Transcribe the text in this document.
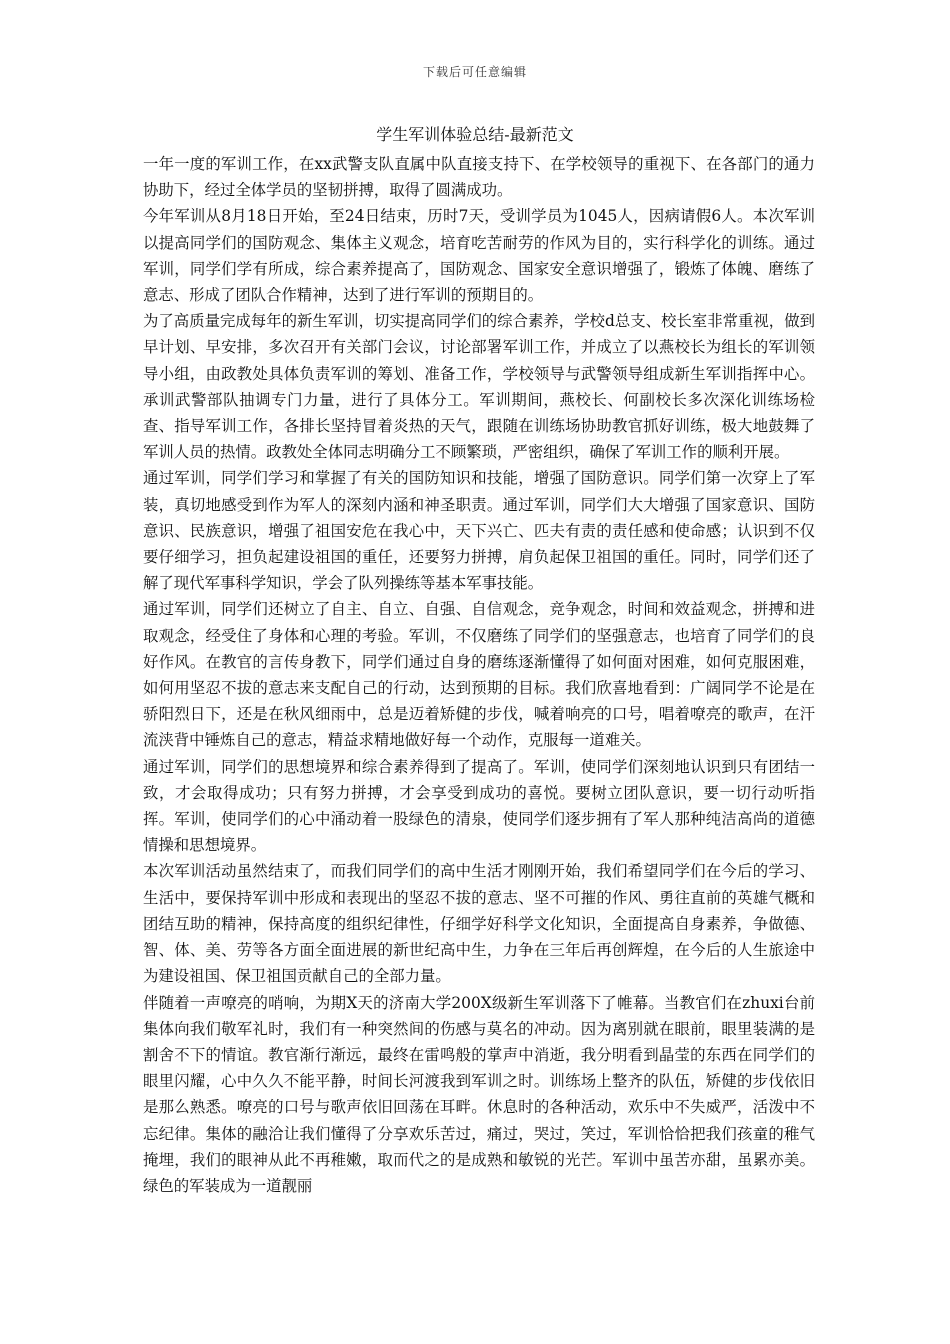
下载后可任意编辑
学生军训体验总结-最新范文

一年一度的军训工作，在xx武警支队直属中队直接支持下、在学校领导的重视下、在各部门的通力协助下，经过全体学员的坚韧拼搏，取得了圆满成功。

今年军训从8月18日开始，至24日结束，历时7天，受训学员为1045人，因病请假6人。本次军训以提高同学们的国防观念、集体主义观念，培育吃苦耐劳的作风为目的，实行科学化的训练。通过军训，同学们学有所成，综合素养提高了，国防观念、国家安全意识增强了，锻炼了体魄、磨练了意志、形成了团队合作精神，达到了进行军训的预期目的。

为了高质量完成每年的新生军训，切实提高同学们的综合素养，学校d总支、校长室非常重视，做到早计划、早安排，多次召开有关部门会议，讨论部署军训工作，并成立了以燕校长为组长的军训领导小组，由政教处具体负责军训的筹划、准备工作，学校领导与武警领导组成新生军训指挥中心。承训武警部队抽调专门力量，进行了具体分工。军训期间，燕校长、何副校长多次深化训练场检查、指导军训工作，各排长坚持冒着炎热的天气，跟随在训练场协助教官抓好训练，极大地鼓舞了军训人员的热情。政教处全体同志明确分工不顾繁琐，严密组织，确保了军训工作的顺利开展。

通过军训，同学们学习和掌握了有关的国防知识和技能，增强了国防意识。同学们第一次穿上了军装，真切地感受到作为军人的深刻内涵和神圣职责。通过军训，同学们大大增强了国家意识、国防意识、民族意识，增强了祖国安危在我心中，天下兴亡、匹夫有责的责任感和使命感；认识到不仅要仔细学习，担负起建设祖国的重任，还要努力拼搏，肩负起保卫祖国的重任。同时，同学们还了解了现代军事科学知识，学会了队列操练等基本军事技能。

通过军训，同学们还树立了自主、自立、自强、自信观念，竞争观念，时间和效益观念，拼搏和进取观念，经受住了身体和心理的考验。军训，不仅磨练了同学们的坚强意志，也培育了同学们的良好作风。在教官的言传身教下，同学们通过自身的磨练逐渐懂得了如何面对困难，如何克服困难，如何用坚忍不拔的意志来支配自己的行动，达到预期的目标。我们欣喜地看到：广阔同学不论是在骄阳烈日下，还是在秋风细雨中，总是迈着矫健的步伐，喊着响亮的口号，唱着嘹亮的歌声，在汗流浃背中锤炼自己的意志，精益求精地做好每一个动作，克服每一道难关。

通过军训，同学们的思想境界和综合素养得到了提高了。军训，使同学们深刻地认识到只有团结一致，才会取得成功；只有努力拼搏，才会享受到成功的喜悦。要树立团队意识，要一切行动听指挥。军训，使同学们的心中涌动着一股绿色的清泉，使同学们逐步拥有了军人那种纯洁高尚的道德情操和思想境界。

本次军训活动虽然结束了，而我们同学们的高中生活才刚刚开始，我们希望同学们在今后的学习、生活中，要保持军训中形成和表现出的坚忍不拔的意志、坚不可摧的作风、勇往直前的英雄气概和团结互助的精神，保持高度的组织纪律性，仔细学好科学文化知识，全面提高自身素养，争做德、智、体、美、劳等各方面全面进展的新世纪高中生，力争在三年后再创辉煌，在今后的人生旅途中为建设祖国、保卫祖国贡献自己的全部力量。

伴随着一声嘹亮的哨响，为期X天的济南大学200X级新生军训落下了帷幕。当教官们在zhuxi台前集体向我们敬军礼时，我们有一种突然间的伤感与莫名的冲动。因为离别就在眼前，眼里装满的是割舍不下的情谊。教官渐行渐远，最终在雷鸣般的掌声中消逝，我分明看到晶莹的东西在同学们的眼里闪耀，心中久久不能平静，时间长河渡我到军训之时。训练场上整齐的队伍，矫健的步伐依旧是那么熟悉。嘹亮的口号与歌声依旧回荡在耳畔。休息时的各种活动，欢乐中不失威严，活泼中不忘纪律。集体的融洽让我们懂得了分享欢乐苦过，痛过，哭过，笑过，军训恰恰把我们孩童的稚气掩埋，我们的眼神从此不再稚嫩，取而代之的是成熟和敏锐的光芒。军训中虽苦亦甜，虽累亦美。绿色的军装成为一道靓丽
